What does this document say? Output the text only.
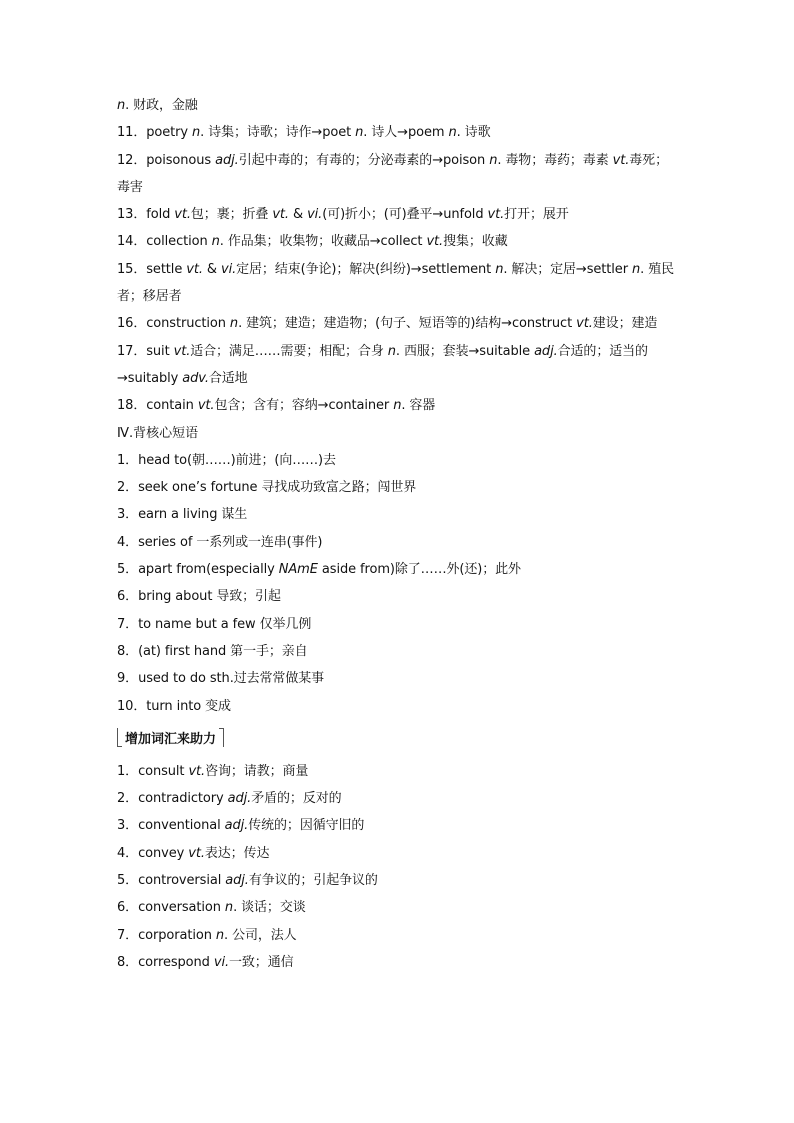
n. 财政，金融
11．poetry n. 诗集；诗歌；诗作→poet n. 诗人→poem n. 诗歌
12．poisonous adj.引起中毒的；有毒的；分泌毒素的→poison n. 毒物；毒药；毒素 vt.毒死；
毒害
13．fold vt.包；裹；折叠 vt. & vi.(可)折小；(可)叠平→unfold vt.打开；展开
14．collection n. 作品集；收集物；收藏品→collect vt.搜集；收藏
15．settle vt. & vi.定居；结束(争论)；解决(纠纷)→settlement n. 解决；定居→settler n. 殖民
者；移居者
16．construction n. 建筑；建造；建造物；(句子、短语等的)结构→construct vt.建设；建造
17．suit vt.适合；满足……需要；相配；合身 n. 西服；套装→suitable adj.合适的；适当的
→suitably adv.合适地
18．contain vt.包含；含有；容纳→container n. 容器
Ⅳ.背核心短语
1．head to(朝……)前进；(向……)去
2．seek one’s fortune 寻找成功致富之路；闯世界
3．earn a living 谋生
4．series of 一系列或一连串(事件)
5．apart from(especially NAmE aside from)除了……外(还)；此外
6．bring about 导致；引起
7．to name but a few 仅举几例
8．(at) first hand 第一手；亲自
9．used to do sth.过去常常做某事
10．turn into 变成
增加词汇来助力
1．consult vt.咨询；请教；商量
2．contradictory adj.矛盾的；反对的
3．conventional adj.传统的；因循守旧的
4．convey vt.表达；传达
5．controversial adj.有争议的；引起争议的
6．conversation n. 谈话；交谈
7．corporation n. 公司，法人
8．correspond vi.一致；通信
